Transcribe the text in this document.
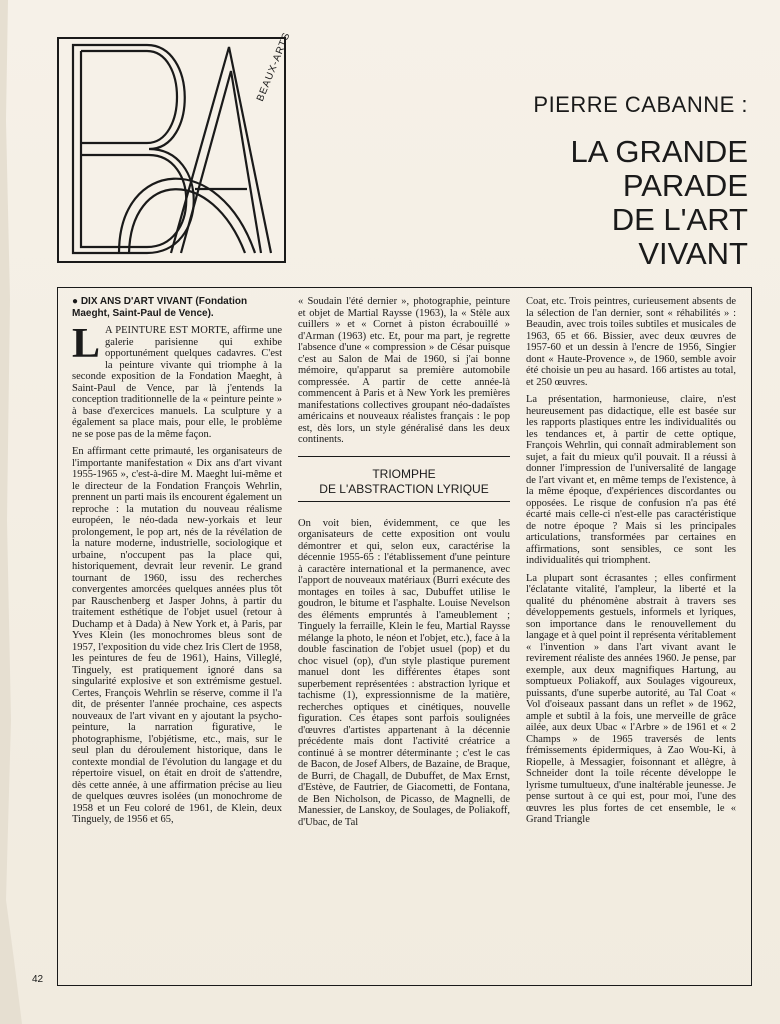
BEAUX-ARTS
PIERRE CABANNE :
LA GRANDE
PARADE
DE L'ART
VIVANT
● DIX ANS D'ART VIVANT (Fondation Maeght, Saint-Paul de Vence).

L A PEINTURE EST MORTE, affirme une galerie parisienne qui exhibe opportunément quelques cadavres. C'est la peinture vivante qui triomphe à la seconde exposition de la Fondation Maeght, à Saint-Paul de Vence, par là j'entends la conception traditionnelle de la « peinture peinte » à base d'exercices manuels. La sculpture y a également sa place mais, pour elle, le problème ne se pose pas de la même façon.

En affirmant cette primauté, les organisateurs de l'importante manifestation « Dix ans d'art vivant 1955-1965 », c'est-à-dire M. Maeght lui-même et le directeur de la Fondation François Wehrlin, prennent un parti mais ils encourent également un reproche : la mutation du nouveau réalisme européen, le néo-dada new-yorkais et leur prolongement, le pop art, nés de la révélation de la nature moderne, industrielle, sociologique et urbaine, n'occupent pas la place qui, historiquement, devrait leur revenir. Le grand tournant de 1960, issu des recherches convergentes amorcées quelques années plus tôt par Rauschenberg et Jasper Johns, à partir du traitement esthétique de l'objet usuel (retour à Duchamp et à Dada) à New York et, à Paris, par Yves Klein (les monochromes bleus sont de 1957, l'exposition du vide chez Iris Clert de 1958, les peintures de feu de 1961), Hains, Villeglé, Tinguely, est pratiquement ignoré dans sa singularité explosive et son extrémisme gestuel. Certes, François Wehrlin se réserve, comme il l'a dit, de présenter l'année prochaine, ces aspects nouveaux de l'art vivant en y ajoutant la psycho-peinture, la narration figurative, le photographisme, l'objétisme, etc., mais, sur le seul plan du déroulement historique, dans le contexte mondial de l'évolution du langage et du répertoire visuel, on était en droit de s'attendre, dès cette année, à une affirmation précise au lieu de quelques œuvres isolées (un monochrome de 1958 et un Feu coloré de 1961, de Klein, deux Tinguely, de 1956 et 65,

« Soudain l'été dernier », photographie, peinture et objet de Martial Raysse (1963), la « Stèle aux cuillers » et « Cornet à piston écrabouillé » d'Arman (1963) etc. Et, pour ma part, je regrette l'absence d'une « compression » de César puisque c'est au Salon de Mai de 1960, si j'ai bonne mémoire, qu'apparut sa première automobile compressée. A partir de cette année-là commencent à Paris et à New York les premières manifestations collectives groupant néo-dadaïstes américains et nouveaux réalistes français : le pop est, dès lors, un style généralisé dans les deux continents.

TRIOMPHE
DE L'ABSTRACTION LYRIQUE

On voit bien, évidemment, ce que les organisateurs de cette exposition ont voulu démontrer et qui, selon eux, caractérise la décennie 1955-65 : l'établissement d'une peinture à caractère international et la permanence, avec l'apport de nouveaux matériaux (Burri exécute des montages en toiles à sac, Dubuffet utilise le goudron, le bitume et l'asphalte. Louise Nevelson des éléments empruntés à l'ameublement ; Tinguely la ferraille, Klein le feu, Martial Raysse mélange la photo, le néon et l'objet, etc.), face à la double fascination de l'objet usuel (pop) et du choc visuel (op), d'un style plastique purement manuel dont les différentes étapes sont superbement représentées : abstraction lyrique et tachisme (1), expressionnisme de la matière, recherches optiques et cinétiques, nouvelle figuration. Ces étapes sont parfois soulignées d'œuvres d'artistes appartenant à la décennie précédente mais dont l'activité créatrice a continué à se montrer déterminante ; c'est le cas de Bacon, de Josef Albers, de Bazaine, de Braque, de Burri, de Chagall, de Dubuffet, de Max Ernst, d'Estève, de Fautrier, de Giacometti, de Fontana, de Ben Nicholson, de Picasso, de Magnelli, de Manessier, de Lanskoy, de Soulages, de Poliakoff, d'Ubac, de Tal

Coat, etc. Trois peintres, curieusement absents de la sélection de l'an dernier, sont « réhabilités » : Beaudin, avec trois toiles subtiles et musicales de 1963, 65 et 66. Bissier, avec deux œuvres de 1957-60 et un dessin à l'encre de 1956, Singier dont « Haute-Provence », de 1960, semble avoir été choisie un peu au hasard. 166 artistes au total, et 250 œuvres.

La présentation, harmonieuse, claire, n'est heureusement pas didactique, elle est basée sur les rapports plastiques entre les individualités ou les tendances et, à partir de cette optique, François Wehrlin, qui connaît admirablement son sujet, a fait du mieux qu'il pouvait. Il a réussi à donner l'impression de l'universalité de langage de l'art vivant et, en même temps de l'existence, à la même époque, d'expériences discordantes ou opposées. Le risque de confusion n'a pas été écarté mais celle-ci n'est-elle pas caractéristique de notre époque ? Mais si les principales articulations, transformées par certaines en affirmations, sont sensibles, ce sont les individualités qui triomphent.

La plupart sont écrasantes ; elles confirment l'éclatante vitalité, l'ampleur, la liberté et la qualité du phénomène abstrait à travers ses développements gestuels, informels et lyriques, son importance dans le renouvellement du langage et à quel point il représenta véritablement « l'invention » dans l'art vivant avant le revirement réaliste des années 1960. Je pense, par exemple, aux deux magnifiques Hartung, au somptueux Poliakoff, aux Soulages vigoureux, puissants, d'une superbe autorité, au Tal Coat « Vol d'oiseaux passant dans un reflet » de 1962, ample et subtil à la fois, une merveille de grâce ailée, aux deux Ubac « l'Arbre » de 1961 et « 2 Champs » de 1965 traversés de lents frémissements épidermiques, à Zao Wou-Ki, à Riopelle, à Messagier, foisonnant et allègre, à Schneider dont la toile récente développe le lyrisme tumultueux, d'une inaltérable jeunesse. Je pense surtout à ce qui est, pour moi, l'une des œuvres les plus fortes de cet ensemble, le « Grand Triangle

42
